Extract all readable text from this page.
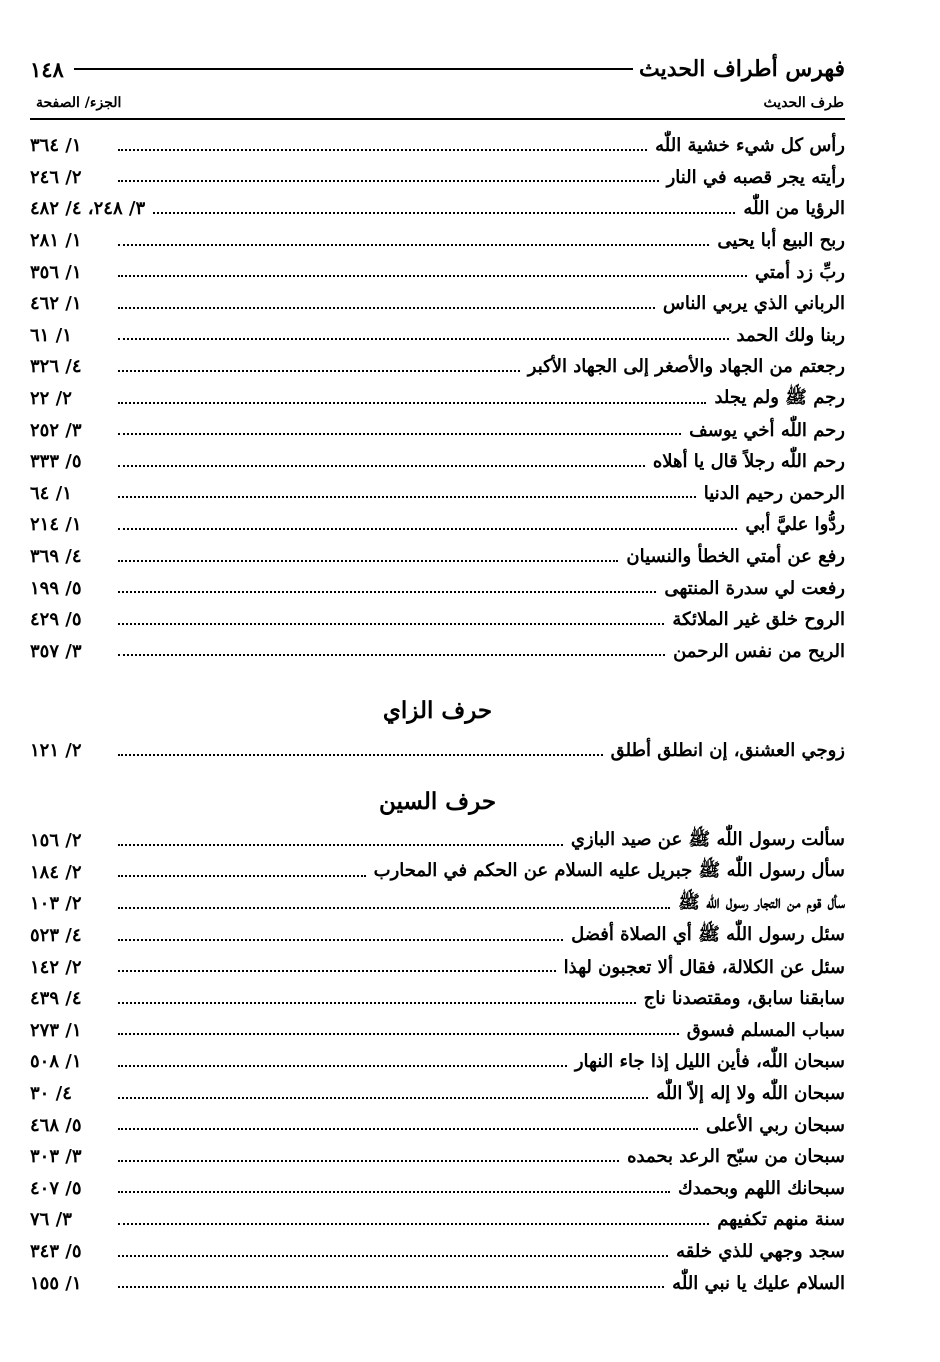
١٤٨	فهرس أطراف الحديث
الجزء/ الصفحة	طرف الحديث
١/ ٣٦٤	رأس كل شيء خشية اللّٰه
٢/ ٢٤٦	رأيته يجر قصبه في النار
٣/ ٢٤٨، ٤/ ٤٨٢	الرؤيا من اللّٰه
١/ ٢٨١	ربح البيع أبا يحيى
١/ ٣٥٦	ربِّ زد أمتي
١/ ٤٦٢	الرباني الذي يربي الناس
١/ ٦١	ربنا ولك الحمد
٤/ ٣٢٦	رجعتم من الجهاد والأصغر إلى الجهاد الأكبر
٢/ ٢٢	رجم ﷺ ولم يجلد
٣/ ٢٥٢	رحم اللّٰه أخي يوسف
٥/ ٣٣٣	رحم اللّٰه رجلاً قال يا أهلاه
١/ ٦٤	الرحمن رحيم الدنيا
١/ ٢١٤	ردُّوا عليَّ أبي
٤/ ٣٦٩	رفع عن أمتي الخطأ والنسيان
٥/ ١٩٩	رفعت لي سدرة المنتهى
٥/ ٤٢٩	الروح خلق غير الملائكة
٣/ ٣٥٧	الريح من نفس الرحمن
حرف الزاي
٢/ ١٢١	زوجي العشنق، إن انطلق أطلق
حرف السين
٢/ ١٥٦	سألت رسول اللّٰه ﷺ عن صيد البازي
٢/ ١٨٤	سأل رسول اللّٰه ﷺ جبريل عليه السلام عن الحكم في المحارب
٢/ ١٠٣	سأل قوم من التجار رسول اللّٰه ﷺ
٤/ ٥٢٣	سئل رسول اللّٰه ﷺ أي الصلاة أفضل
٢/ ١٤٢	سئل عن الكلالة، فقال ألا تعجبون لهذا
٤/ ٤٣٩	سابقنا سابق، ومقتصدنا ناج
١/ ٢٧٣	سباب المسلم فسوق
١/ ٥٠٨	سبحان اللّٰه، فأين الليل إذا جاء النهار
٤/ ٣٠	سبحان اللّٰه ولا إله إلاّ اللّٰه
٥/ ٤٦٨	سبحان ربي الأعلى
٣/ ٣٠٣	سبحان من سبّح الرعد بحمده
٥/ ٤٠٧	سبحانك اللهم وبحمدك
٣/ ٧٦	سنة منهم تكفيهم
٥/ ٣٤٣	سجد وجهي للذي خلقه
١/ ١٥٥	السلام عليك يا نبي اللّٰه
